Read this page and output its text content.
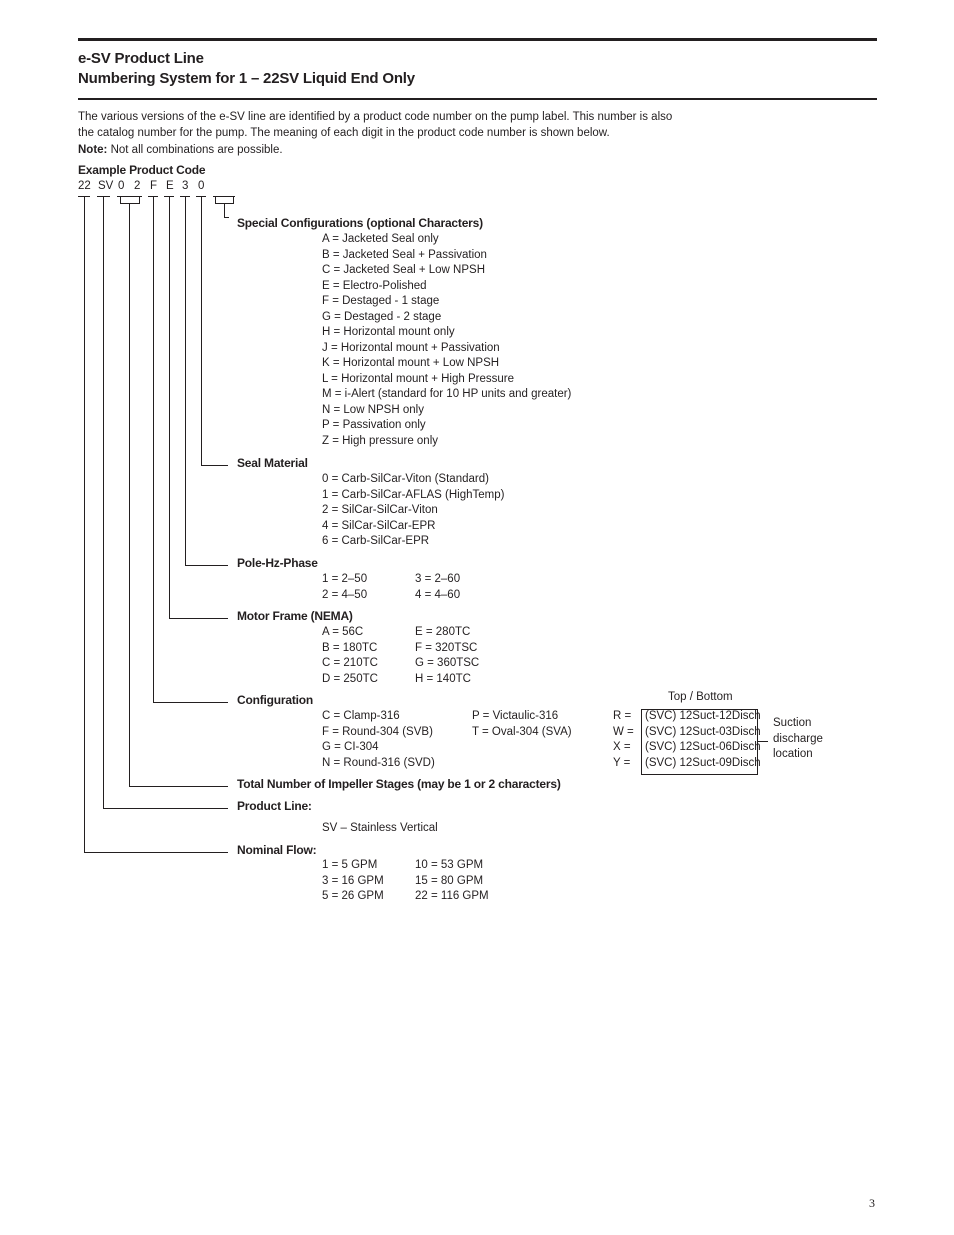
e-SV Product Line
Numbering System for 1 – 22SV Liquid End Only
The various versions of the e-SV line are identified by a product code number on the pump label. This number is also
the catalog number for the pump. The meaning of each digit in the product code number is shown below.
Note: Not all combinations are possible.
Example Product Code
22 SV 0 2 F E 3 0
Special Configurations (optional Characters)
A = Jacketed Seal only
B = Jacketed Seal + Passivation
C = Jacketed Seal + Low NPSH
E = Electro-Polished
F = Destaged - 1 stage
G = Destaged - 2 stage
H = Horizontal mount only
J = Horizontal mount + Passivation
K = Horizontal mount + Low NPSH
L = Horizontal mount + High Pressure
M = i-Alert (standard for 10 HP units and greater)
N = Low NPSH only
P = Passivation only
Z = High pressure only
Seal Material
0 = Carb-SilCar-Viton (Standard)
1 = Carb-SilCar-AFLAS (HighTemp)
2 = SilCar-SilCar-Viton
4 = SilCar-SilCar-EPR
6 = Carb-SilCar-EPR
Pole-Hz-Phase
1 = 2–50
2 = 4–50
3 = 2–60
4 = 4–60
Motor Frame (NEMA)
A = 56C
B = 180TC
C = 210TC
D = 250TC
E = 280TC
F = 320TSC
G = 360TSC
H = 140TC
Configuration
C = Clamp-316
F = Round-304 (SVB)
G = CI-304
N = Round-316 (SVD)
P = Victaulic-316
T = Oval-304 (SVA)
Top / Bottom
R =
W =
X =
Y =
(SVC) 12Suct-12Disch
(SVC) 12Suct-03Disch
(SVC) 12Suct-06Disch
(SVC) 12Suct-09Disch
Suction
discharge
location
Total Number of Impeller Stages (may be 1 or 2 characters)
Product Line:
SV – Stainless Vertical
Nominal Flow:
1 = 5 GPM
3 = 16 GPM
5 = 26 GPM
10 = 53 GPM
15 = 80 GPM
22 = 116 GPM
3
